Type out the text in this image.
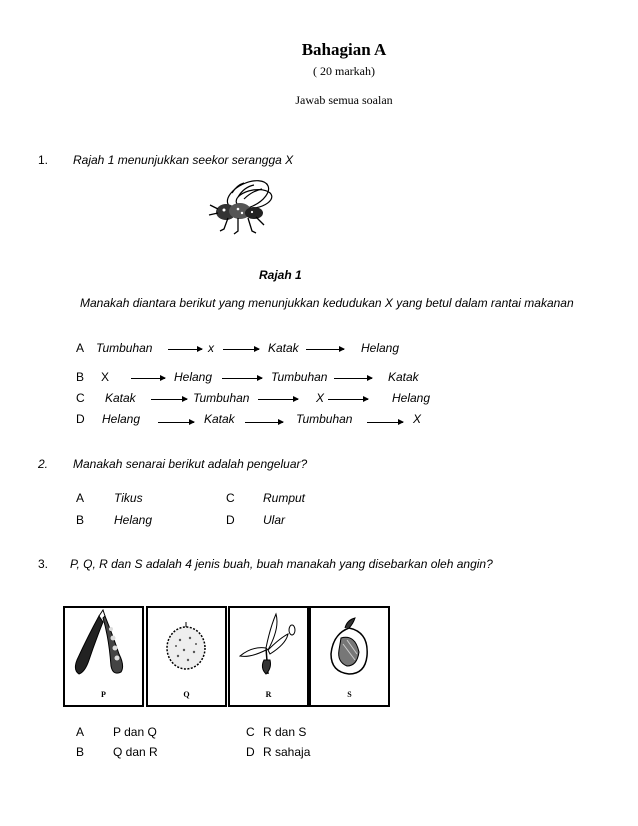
Bahagian A
( 20 markah)
Jawab semua soalan
1. Rajah 1 menunjukkan seekor serangga X
Rajah 1
Manakah diantara berikut yang menunjukkan kedudukan X yang betul dalam rantai makanan
A Tumbuhan	x	Katak	Helang
B X	Helang	Tumbuhan	Katak
C Katak	Tumbuhan	X	Helang
D Helang	Katak	Tumbuhan	X
2. Manakah senarai berikut adalah pengeluar?
A Tikus	C Rumput
B Helang	D Ular
3. P, Q, R dan S adalah 4 jenis buah, buah manakah yang disebarkan oleh angin?
P	Q	R	S
A P dan Q	C R dan S
B Q dan R	D R sahaja
